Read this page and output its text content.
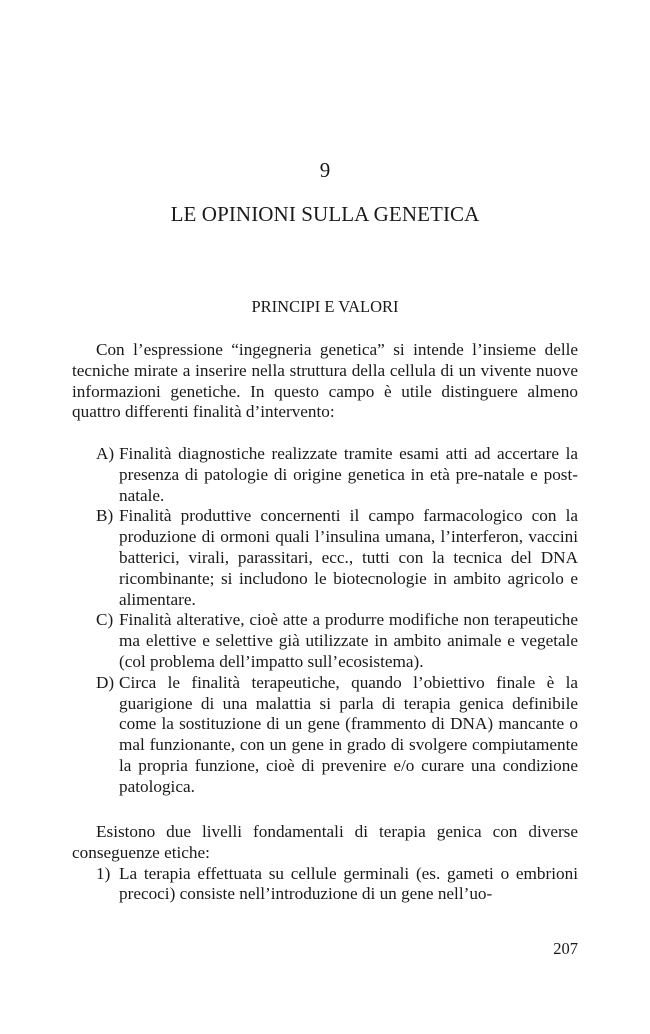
9
LE OPINIONI SULLA GENETICA
PRINCIPI E VALORI

Con l’espressione “ingegneria genetica” si intende l’insieme delle tecniche mirate a inserire nella struttura della cellula di un vivente nuove informazioni genetiche. In questo campo è utile distinguere almeno quattro differenti finalità d’intervento:

A) Finalità diagnostiche realizzate tramite esami atti ad accertare la presenza di patologie di origine genetica in età pre-natale e post-natale.
B) Finalità produttive concernenti il campo farmacologico con la produzione di ormoni quali l’insulina umana, l’interferon, vaccini batterici, virali, parassitari, ecc., tutti con la tecnica del DNA ricombinante; si includono le biotecnologie in ambito agricolo e alimentare.
C) Finalità alterative, cioè atte a produrre modifiche non terapeutiche ma elettive e selettive già utilizzate in ambito animale e vegetale (col problema dell’impatto sull’ecosistema).
D) Circa le finalità terapeutiche, quando l’obiettivo finale è la guarigione di una malattia si parla di terapia genica definibile come la sostituzione di un gene (frammento di DNA) mancante o mal funzionante, con un gene in grado di svolgere compiutamente la propria funzione, cioè di prevenire e/o curare una condizione patologica.

Esistono due livelli fondamentali di terapia genica con diverse conseguenze etiche:

1) La terapia effettuata su cellule germinali (es. gameti o embrioni precoci) consiste nell’introduzione di un gene nell’uo-
207
